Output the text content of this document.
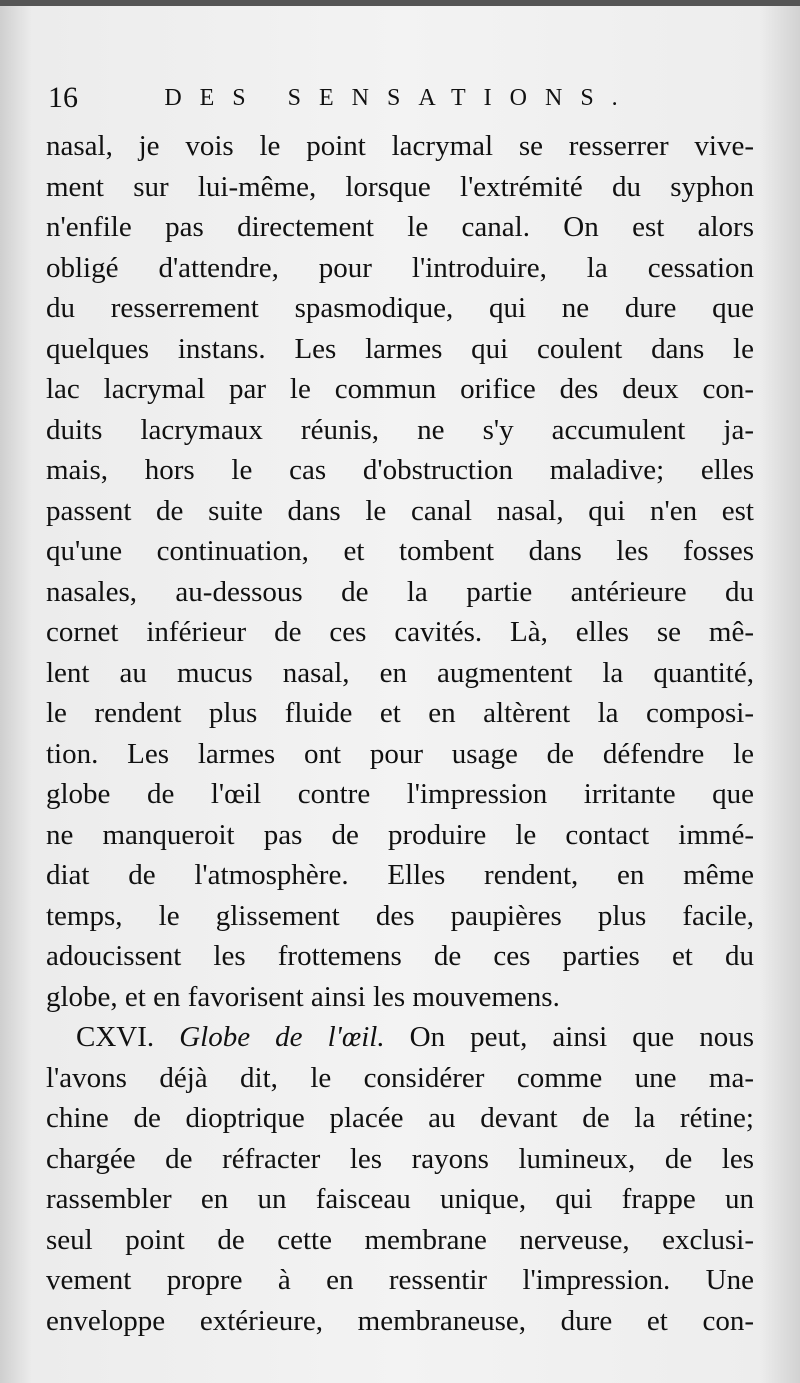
16	DES SENSATIONS.
nasal, je vois le point lacrymal se resserrer vive-
ment sur lui-même, lorsque l'extrémité du syphon
n'enfile pas directement le canal. On est alors
obligé d'attendre, pour l'introduire, la cessation
du resserrement spasmodique, qui ne dure que
quelques instans. Les larmes qui coulent dans le
lac lacrymal par le commun orifice des deux con-
duits lacrymaux réunis, ne s'y accumulent ja-
mais, hors le cas d'obstruction maladive; elles
passent de suite dans le canal nasal, qui n'en est
qu'une continuation, et tombent dans les fosses
nasales, au-dessous de la partie antérieure du
cornet inférieur de ces cavités. Là, elles se mê-
lent au mucus nasal, en augmentent la quantité,
le rendent plus fluide et en altèrent la composi-
tion. Les larmes ont pour usage de défendre le
globe de l'œil contre l'impression irritante que
ne manqueroit pas de produire le contact immé-
diat de l'atmosphère. Elles rendent, en même
temps, le glissement des paupières plus facile,
adoucissent les frottemens de ces parties et du
globe, et en favorisent ainsi les mouvemens.
CXVI. Globe de l'œil. On peut, ainsi que nous
l'avons déjà dit, le considérer comme une ma-
chine de dioptrique placée au devant de la rétine;
chargée de réfracter les rayons lumineux, de les
rassembler en un faisceau unique, qui frappe un
seul point de cette membrane nerveuse, exclusi-
vement propre à en ressentir l'impression. Une
enveloppe extérieure, membraneuse, dure et con-
